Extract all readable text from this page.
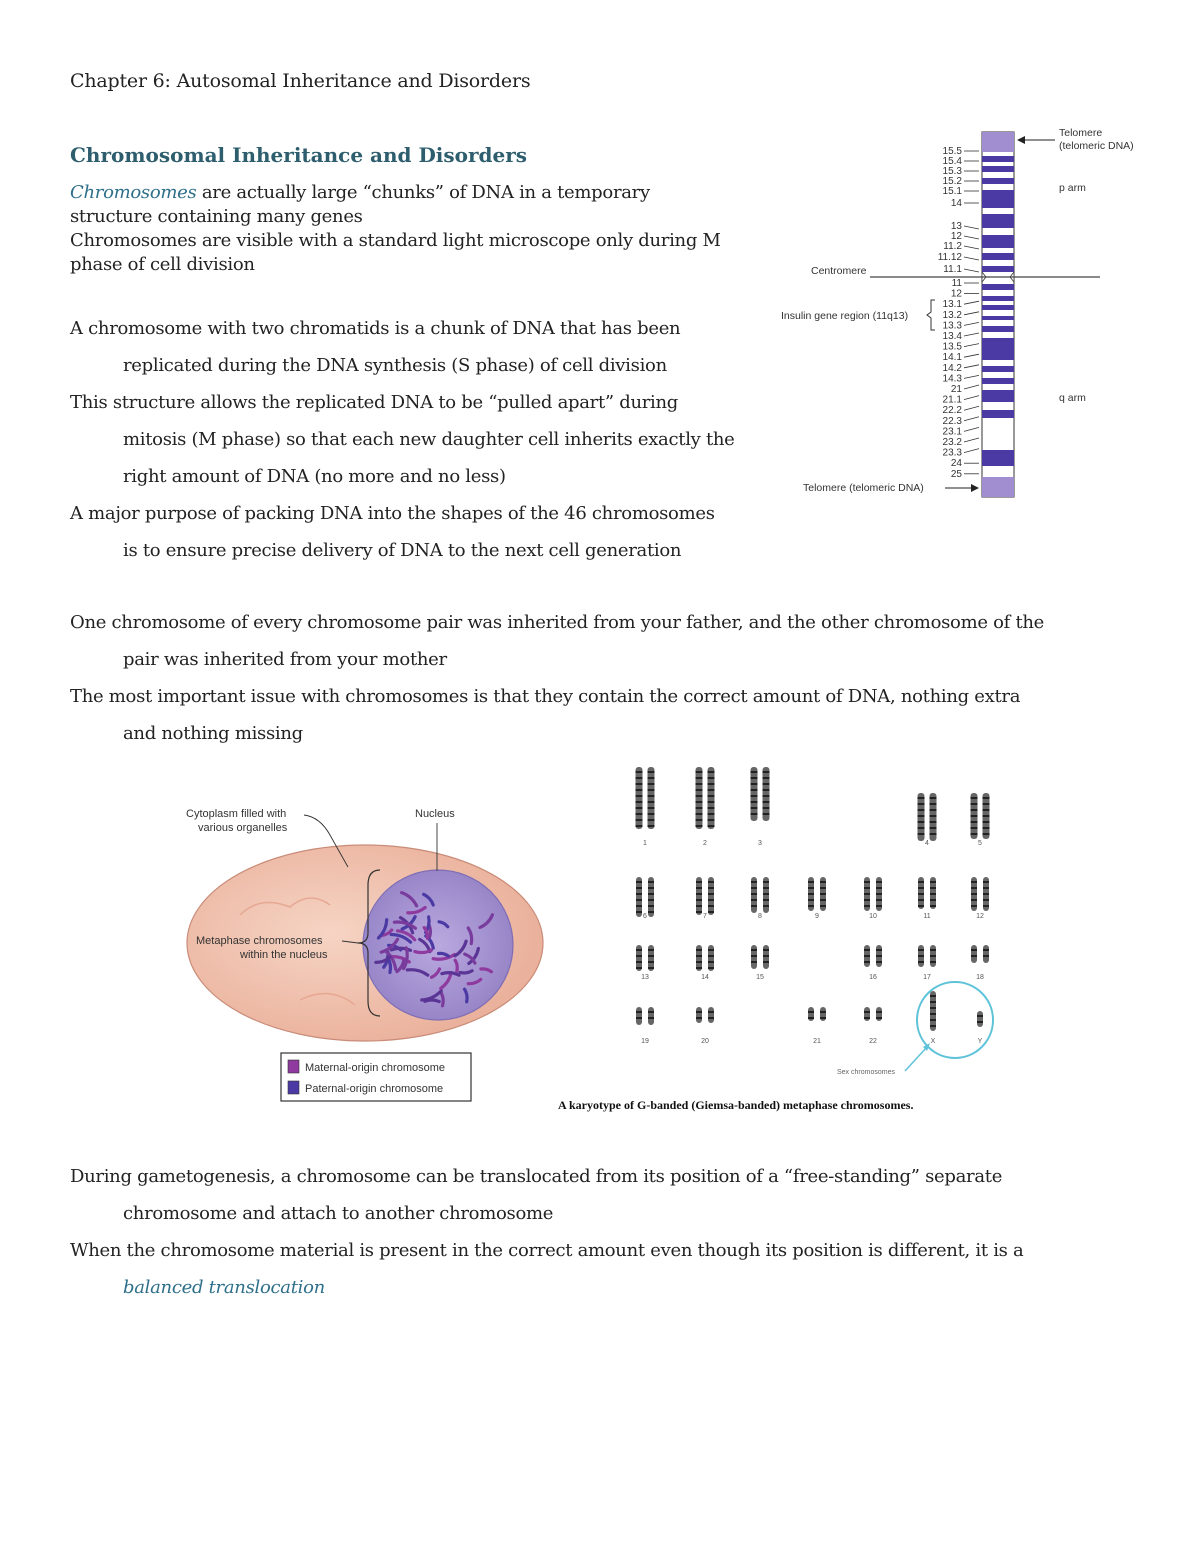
Chapter 6: Autosomal Inheritance and Disorders
Chromosomal Inheritance and Disorders
Chromosomes are actually large “chunks” of DNA in a temporary
structure containing many genes
Chromosomes are visible with a standard light microscope only during M
phase of cell division
A chromosome with two chromatids is a chunk of DNA that has been
replicated during the DNA synthesis (S phase) of cell division
This structure allows the replicated DNA to be “pulled apart” during
mitosis (M phase) so that each new daughter cell inherits exactly the
right amount of DNA (no more and no less)
A major purpose of packing DNA into the shapes of the 46 chromosomes
is to ensure precise delivery of DNA to the next cell generation
One chromosome of every chromosome pair was inherited from your father, and the other chromosome of the
pair was inherited from your mother
The most important issue with chromosomes is that they contain the correct amount of DNA, nothing extra
and nothing missing
During gametogenesis, a chromosome can be translocated from its position of a “free-standing” separate
chromosome and attach to another chromosome
When the chromosome material is present in the correct amount even though its position is different, it is a
balanced translocation
15.5
15.4
15.3
15.2
15.1
14
13
12
11.2
11.12
11.1
11
12
13.1
13.2
13.3
13.4
13.5
14.1
14.2
14.3
21
21.1
22.2
22.3
23.1
23.2
23.3
24
25
Centromere
Telomere
(telomeric DNA)
p arm
q arm
Insulin gene region (11q13)
Telomere (telomeric DNA)
Cytoplasm filled with
various organelles
Nucleus
Metaphase chromosomes
within the nucleus
Maternal-origin chromosome
Paternal-origin chromosome
1	2	3	4	5
6	7	8	9	10	11	12
13	14	15	16	17	18
19	20	21	22	X	Y
Sex chromosomes
A karyotype of G-banded (Giemsa-banded) metaphase chromosomes.
